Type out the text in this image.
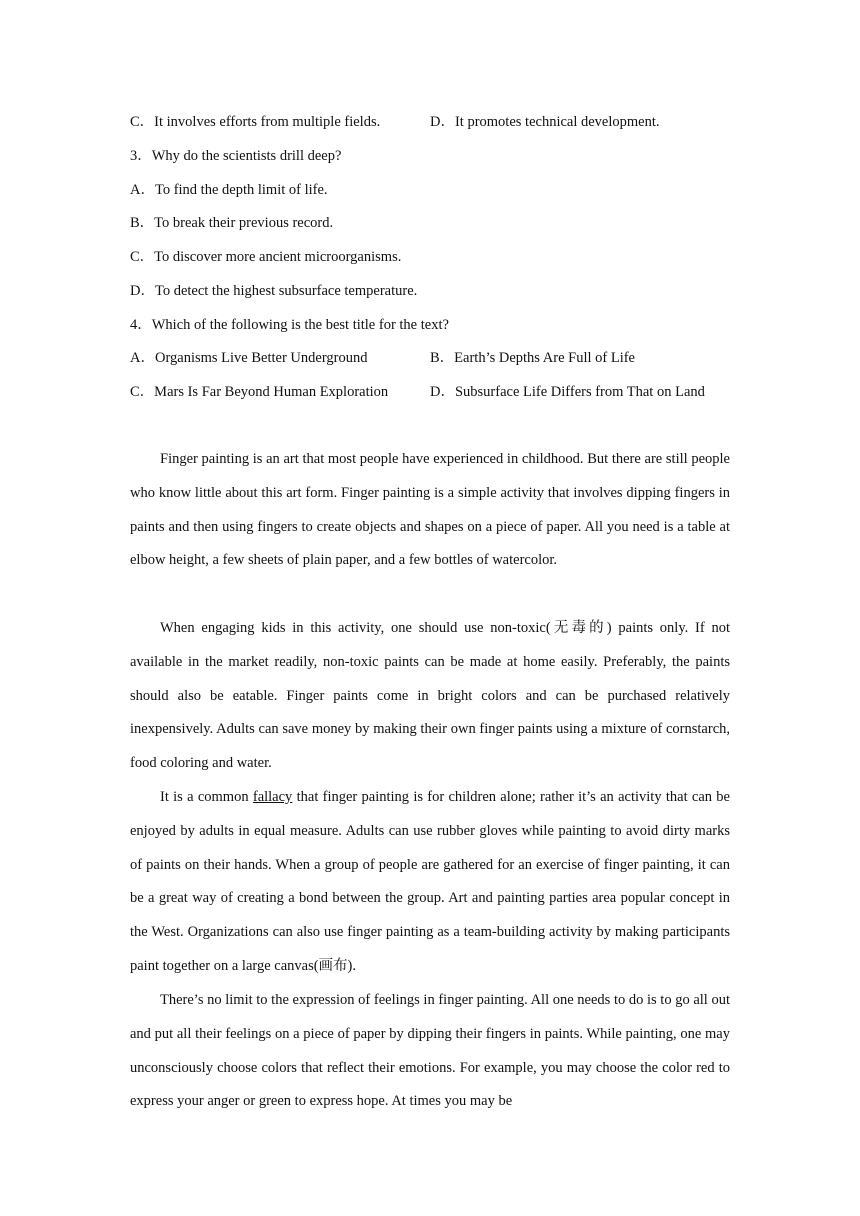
C．It involves efforts from multiple fields.	D．It promotes technical development.
3．Why do the scientists drill deep?
A．To find the depth limit of life.
B．To break their previous record.
C．To discover more ancient microorganisms.
D．To detect the highest subsurface temperature.
4．Which of the following is the best title for the text?
A．Organisms Live Better Underground	B．Earth’s Depths Are Full of Life
C．Mars Is Far Beyond Human Exploration	D．Subsurface Life Differs from That on Land
Finger painting is an art that most people have experienced in childhood. But there are still people who know little about this art form. Finger painting is a simple activity that involves dipping fingers in paints and then using fingers to create objects and shapes on a piece of paper. All you need is a table at elbow height, a few sheets of plain paper, and a few bottles of watercolor.
When engaging kids in this activity, one should use non-toxic(无毒的) paints only. If not available in the market readily, non-toxic paints can be made at home easily. Preferably, the paints should also be eatable. Finger paints come in bright colors and can be purchased relatively inexpensively. Adults can save money by making their own finger paints using a mixture of cornstarch, food coloring and water.
It is a common fallacy that finger painting is for children alone; rather it’s an activity that can be enjoyed by adults in equal measure. Adults can use rubber gloves while painting to avoid dirty marks of paints on their hands. When a group of people are gathered for an exercise of finger painting, it can be a great way of creating a bond between the group. Art and painting parties area popular concept in the West. Organizations can also use finger painting as a team-building activity by making participants paint together on a large canvas(画布).
There’s no limit to the expression of feelings in finger painting. All one needs to do is to go all out and put all their feelings on a piece of paper by dipping their fingers in paints. While painting, one may unconsciously choose colors that reflect their emotions. For example, you may choose the color red to express your anger or green to express hope. At times you may be
